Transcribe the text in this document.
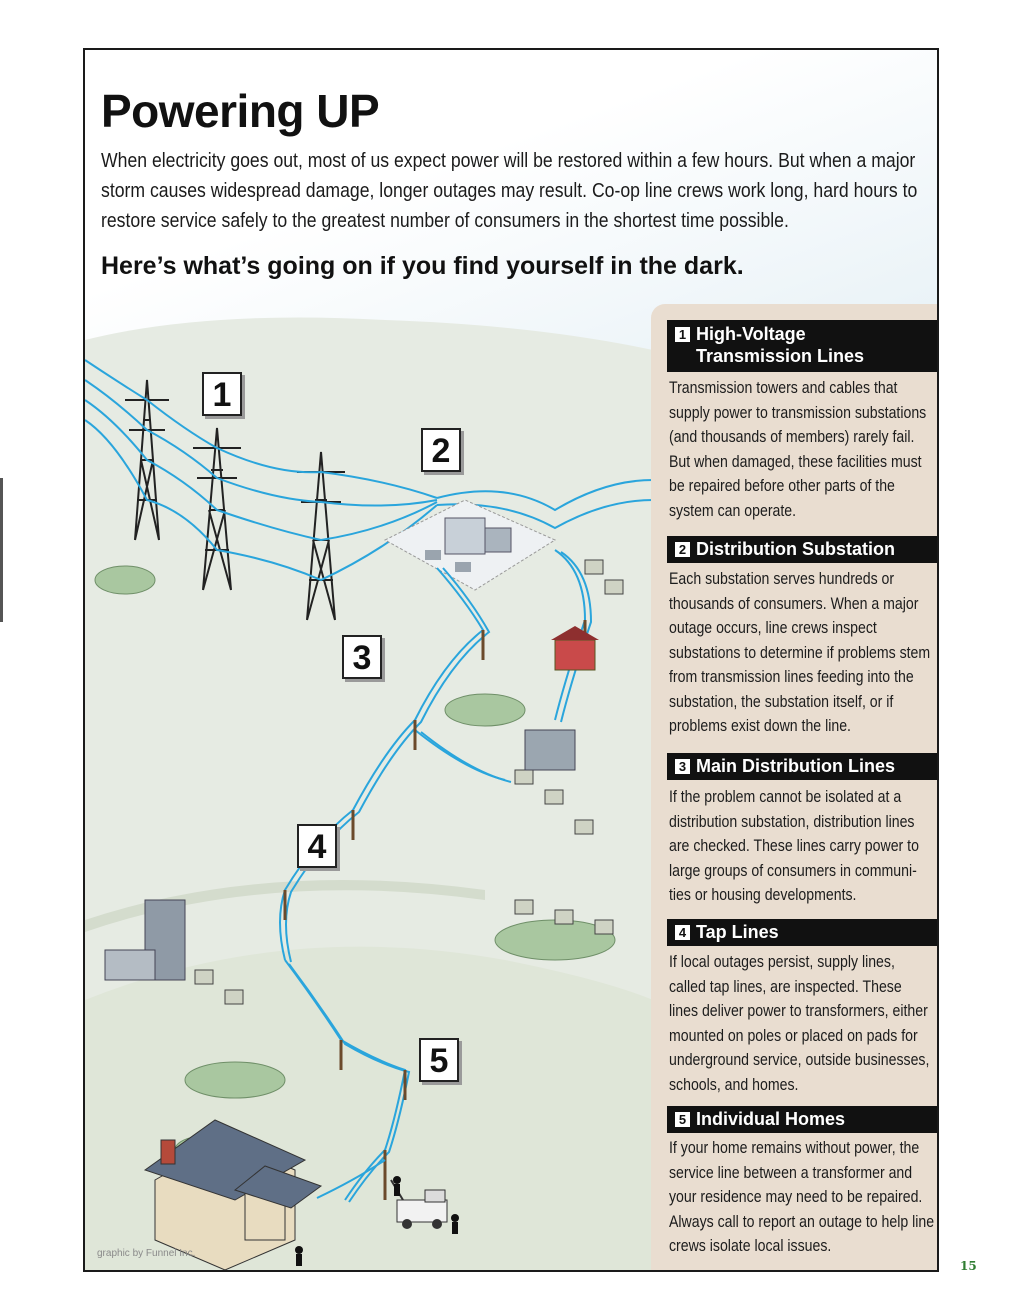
Powering UP

When electricity goes out, most of us expect power will be restored within a few hours. But when a major storm causes widespread damage, longer outages may result. Co-op line crews work long, hard hours to restore service safely to the greatest number of consumers in the shortest time possible.

Here’s what’s going on if you find yourself in the dark.
1
2
3
4
5
1 High-Voltage
Transmission Lines

Transmission towers and cables that supply power to transmission substations (and thousands of members) rarely fail. But when damaged, these facilities must be repaired before other parts of the system can operate.

2 Distribution Substation

Each substation serves hundreds or thousands of consumers. When a major outage occurs, line crews inspect substations to determine if problems stem from transmission lines feeding into the substation, the substation itself, or if problems exist down the line.

3 Main Distribution Lines

If the problem cannot be isolated at a distribution substation, distribution lines are checked. These lines carry power to large groups of consumers in communi-ties or housing developments.

4 Tap Lines

If local outages persist, supply lines, called tap lines, are inspected. These lines deliver power to transformers, either mounted on poles or placed on pads for underground service, outside businesses, schools, and homes.

5 Individual Homes

If your home remains without power, the service line between a transformer and your residence may need to be repaired. Always call to report an outage to help line crews isolate local issues.

graphic by Funnel Inc.
15
